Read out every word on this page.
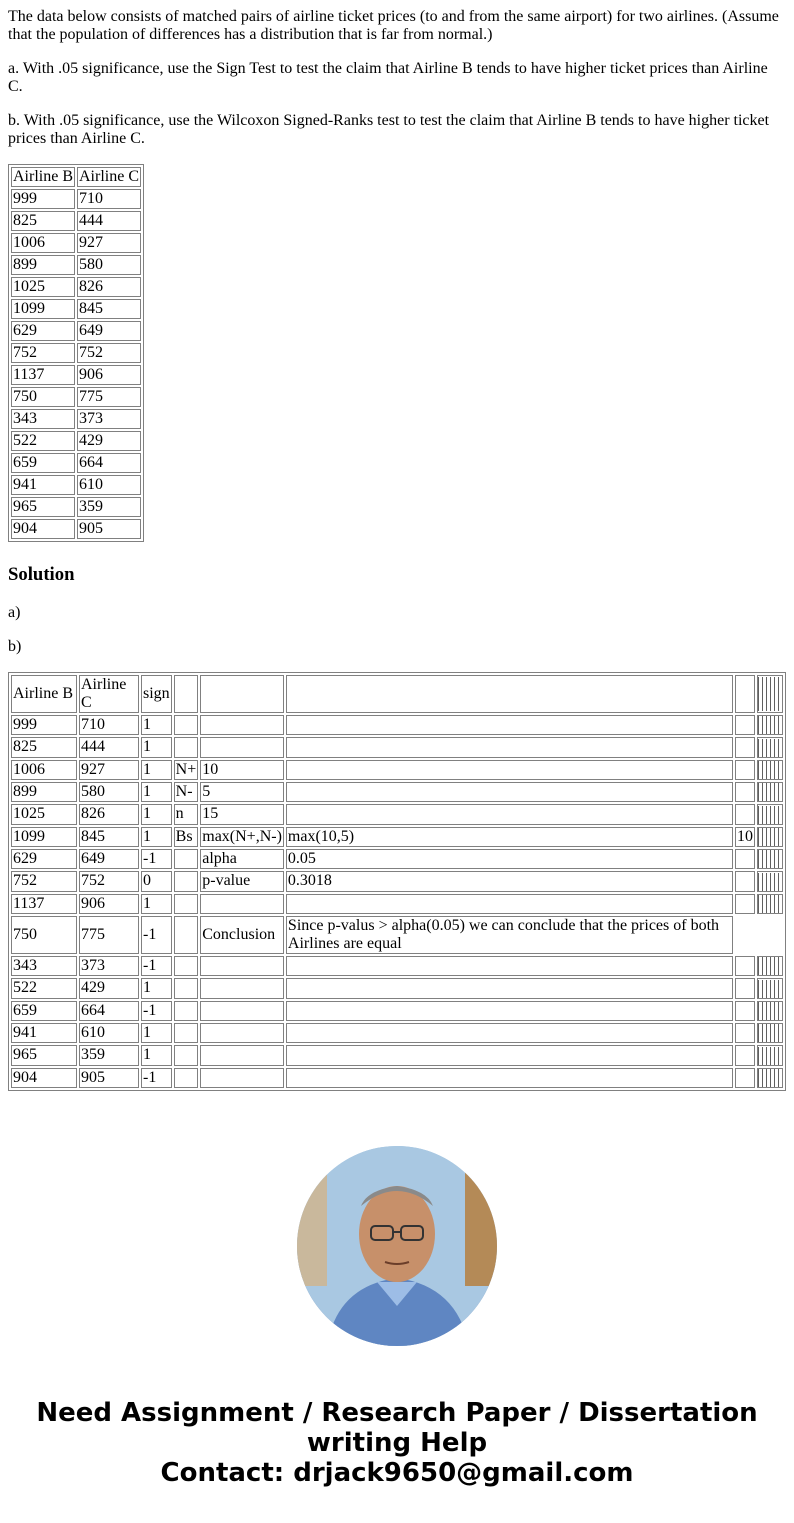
The data below consists of matched pairs of airline ticket prices (to and from the same airport) for two airlines. (Assume that the population of differences has a distribution that is far from normal.)

a. With .05 significance, use the Sign Test to test the claim that Airline B tends to have higher ticket prices than Airline C.

b. With .05 significance, use the Wilcoxon Signed-Ranks test to test the claim that Airline B tends to have higher ticket prices than Airline C.

Airline B	Airline C
999	710
825	444
1006	927
899	580
1025	826
1099	845
629	649
752	752
1137	906
750	775
343	373
522	429
659	664
941	610
965	359
904	905
Solution

a)

b)

Airline B	Airline C	sign					
999	710	1					
825	444	1					
1006	927	1	N+	10			
899	580	1	N-	5			
1025	826	1	n	15			
1099	845	1	Bs	max(N+,N-)	max(10,5)	10	
629	649	-1		alpha	0.05		
752	752	0		p-value	0.3018		
1137	906	1					
750	775	-1		Conclusion	Since p-valus > alpha(0.05) we can conclude that the prices of both Airlines are equal		
343	373	-1					
522	429	1					
659	664	-1					
941	610	1					
965	359	1					
904	905	-1					
Need Assignment / Research Paper / Dissertation
writing Help
Contact: drjack9650@gmail.com
